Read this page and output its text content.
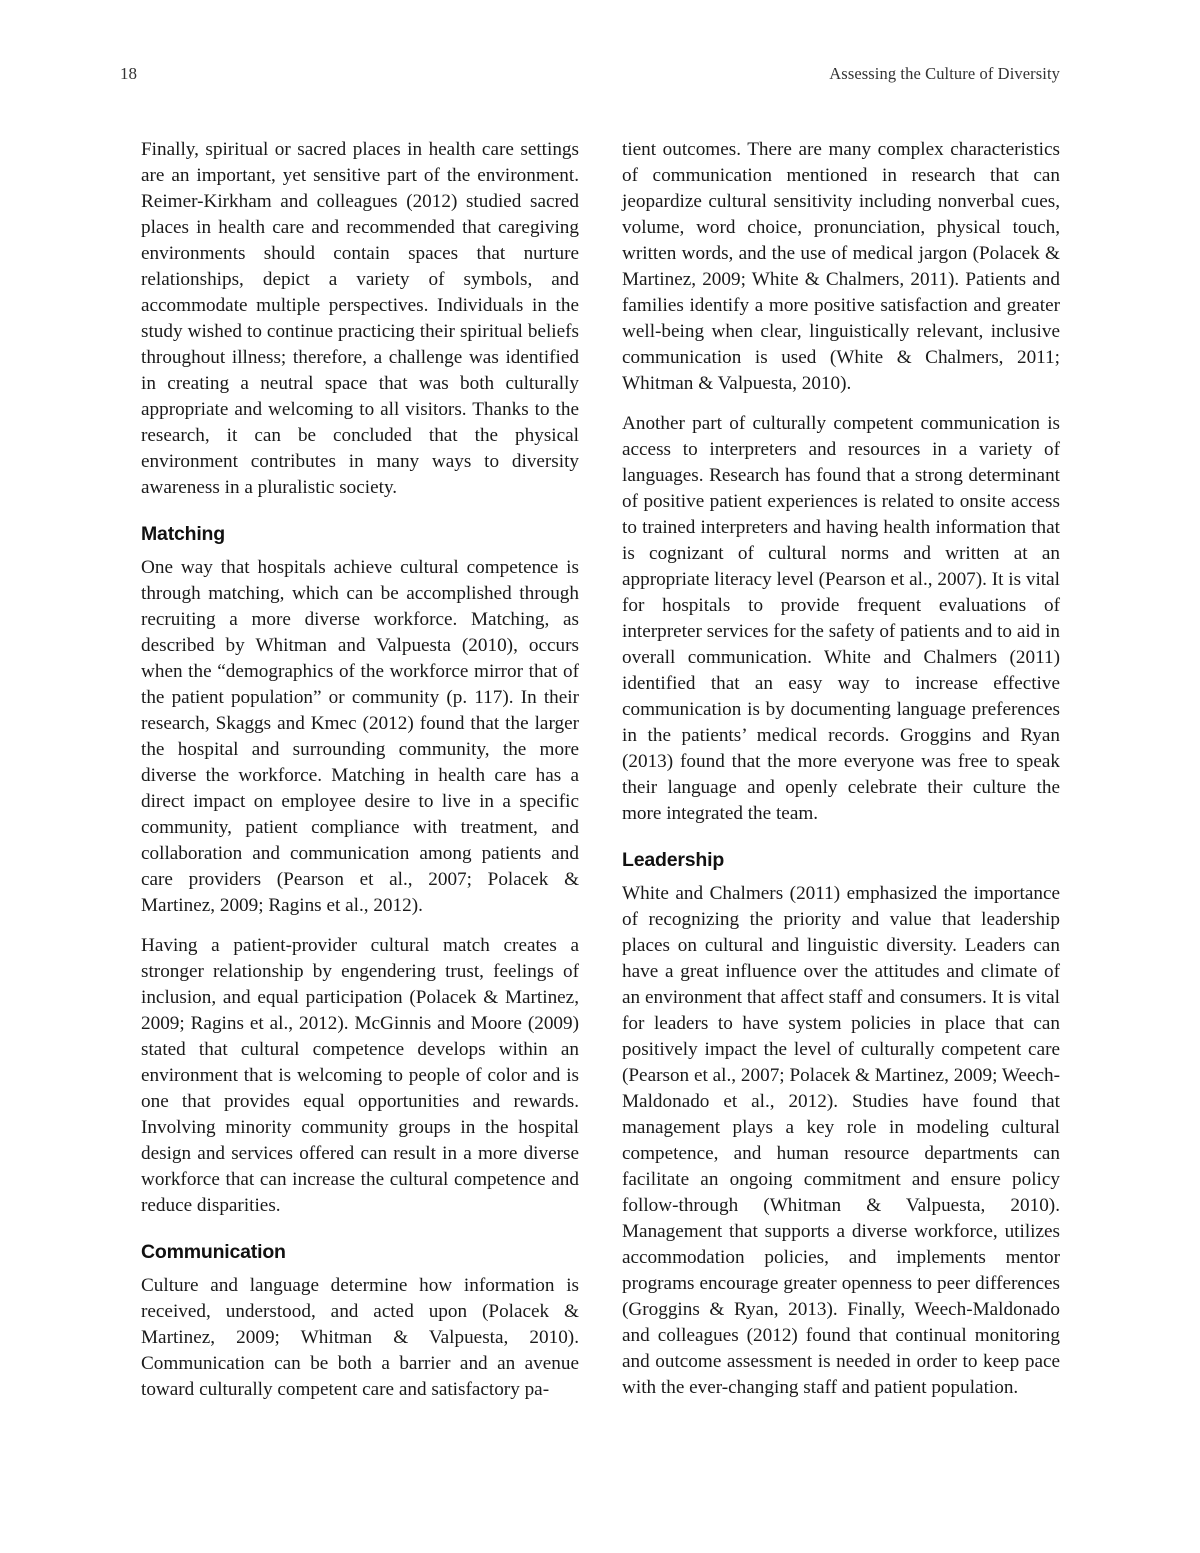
18	Assessing the Culture of Diversity

Finally, spiritual or sacred places in health care settings are an important, yet sensitive part of the environment. Reimer-Kirkham and colleagues (2012) studied sacred places in health care and recommended that caregiving environments should contain spaces that nurture relationships, depict a variety of symbols, and accommodate multiple perspectives. Individuals in the study wished to continue practicing their spiritual beliefs throughout illness; therefore, a challenge was identified in creating a neutral space that was both culturally appropriate and welcoming to all visitors. Thanks to the research, it can be concluded that the physical environment contributes in many ways to diversity awareness in a pluralistic society.

Matching

One way that hospitals achieve cultural competence is through matching, which can be accomplished through recruiting a more diverse workforce. Matching, as described by Whitman and Valpuesta (2010), occurs when the “demographics of the workforce mirror that of the patient population” or community (p. 117). In their research, Skaggs and Kmec (2012) found that the larger the hospital and surrounding community, the more diverse the workforce. Matching in health care has a direct impact on employee desire to live in a specific community, patient compliance with treatment, and collaboration and communication among patients and care providers (Pearson et al., 2007; Polacek & Martinez, 2009; Ragins et al., 2012).

Having a patient-provider cultural match creates a stronger relationship by engendering trust, feelings of inclusion, and equal participation (Polacek & Martinez, 2009; Ragins et al., 2012). McGinnis and Moore (2009) stated that cultural competence develops within an environment that is welcoming to people of color and is one that provides equal opportunities and rewards. Involving minority community groups in the hospital design and services offered can result in a more diverse workforce that can increase the cultural competence and reduce disparities.

Communication

Culture and language determine how information is received, understood, and acted upon (Polacek & Martinez, 2009; Whitman & Valpuesta, 2010). Communication can be both a barrier and an avenue toward culturally competent care and satisfactory pa-

tient outcomes. There are many complex characteristics of communication mentioned in research that can jeopardize cultural sensitivity including nonverbal cues, volume, word choice, pronunciation, physical touch, written words, and the use of medical jargon (Polacek & Martinez, 2009; White & Chalmers, 2011). Patients and families identify a more positive satisfaction and greater well-being when clear, linguistically relevant, inclusive communication is used (White & Chalmers, 2011; Whitman & Valpuesta, 2010).

Another part of culturally competent communication is access to interpreters and resources in a variety of languages. Research has found that a strong determinant of positive patient experiences is related to onsite access to trained interpreters and having health information that is cognizant of cultural norms and written at an appropriate literacy level (Pearson et al., 2007). It is vital for hospitals to provide frequent evaluations of interpreter services for the safety of patients and to aid in overall communication. White and Chalmers (2011) identified that an easy way to increase effective communication is by documenting language preferences in the patients’ medical records. Groggins and Ryan (2013) found that the more everyone was free to speak their language and openly celebrate their culture the more integrated the team.

Leadership

White and Chalmers (2011) emphasized the importance of recognizing the priority and value that leadership places on cultural and linguistic diversity. Leaders can have a great influence over the attitudes and climate of an environment that affect staff and consumers. It is vital for leaders to have system policies in place that can positively impact the level of culturally competent care (Pearson et al., 2007; Polacek & Martinez, 2009; Weech-Maldonado et al., 2012). Studies have found that management plays a key role in modeling cultural competence, and human resource departments can facilitate an ongoing commitment and ensure policy follow-through (Whitman & Valpuesta, 2010). Management that supports a diverse workforce, utilizes accommodation policies, and implements mentor programs encourage greater openness to peer differences (Groggins & Ryan, 2013). Finally, Weech-Maldonado and colleagues (2012) found that continual monitoring and outcome assessment is needed in order to keep pace with the ever-changing staff and patient population.
